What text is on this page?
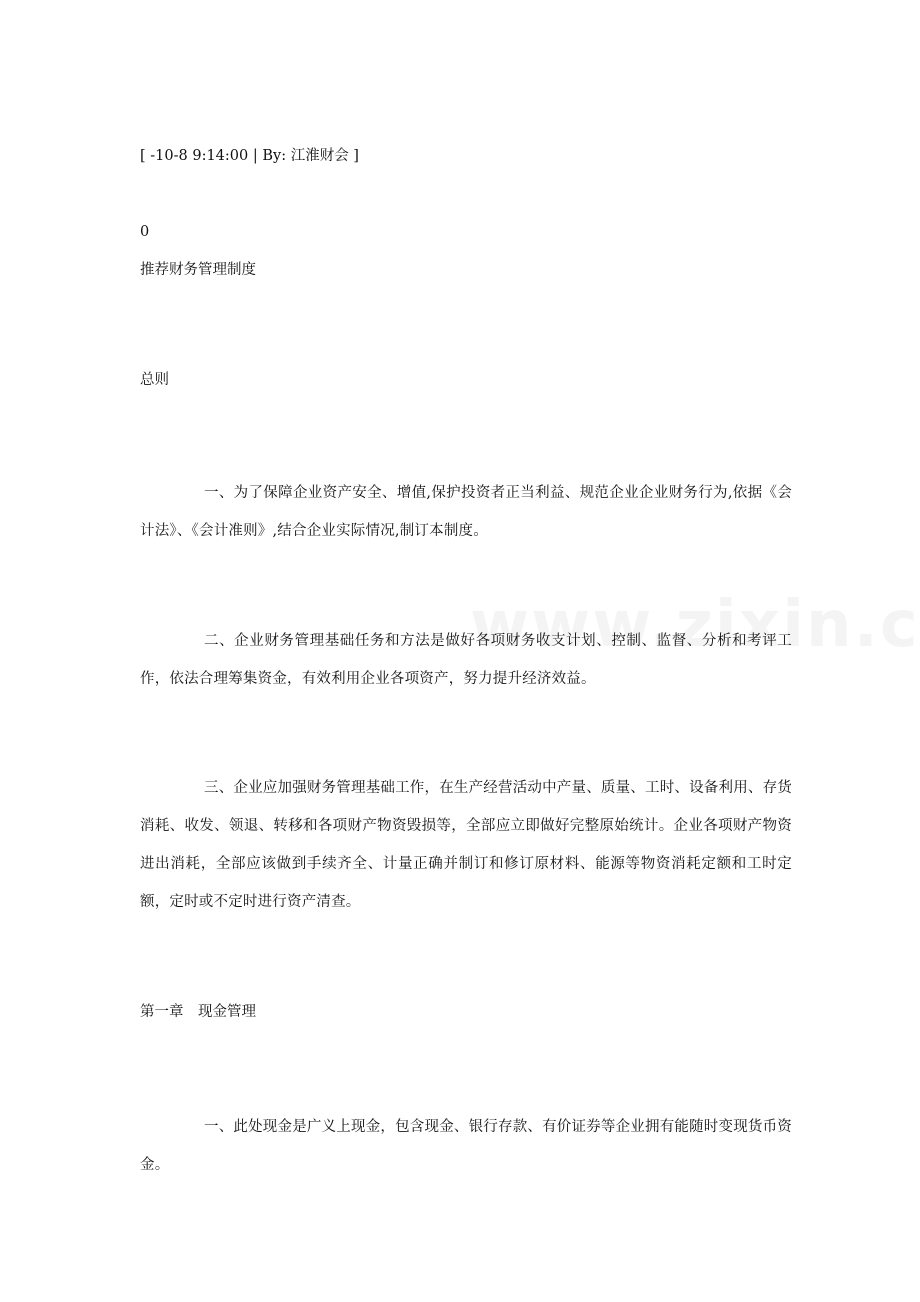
[ -10-8 9:14:00 | By: 江淮财会 ]
0
推荐财务管理制度
总则
一、为了保障企业资产安全、增值,保护投资者正当利益、规范企业企业财务行为,依据《会计法》、《会计准则》,结合企业实际情况,制订本制度。
二、企业财务管理基础任务和方法是做好各项财务收支计划、控制、监督、分析和考评工作，依法合理筹集资金，有效利用企业各项资产，努力提升经济效益。
三、企业应加强财务管理基础工作，在生产经营活动中产量、质量、工时、设备利用、存货消耗、收发、领退、转移和各项财产物资毁损等，全部应立即做好完整原始统计。企业各项财产物资进出消耗，全部应该做到手续齐全、计量正确并制订和修订原材料、能源等物资消耗定额和工时定额，定时或不定时进行资产清查。
第一章　现金管理
一、此处现金是广义上现金，包含现金、银行存款、有价证券等企业拥有能随时变现货币资金。
